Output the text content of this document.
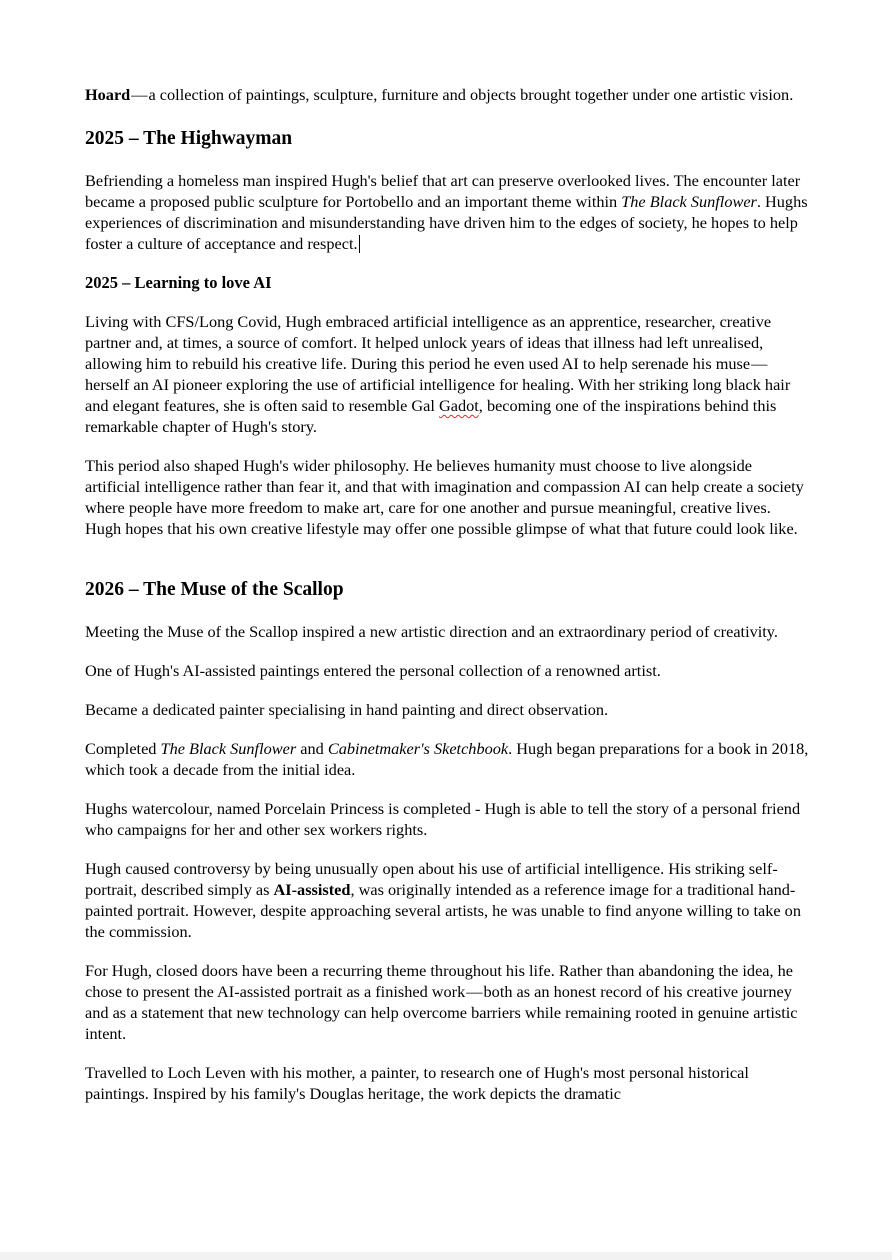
Hoard—a collection of paintings, sculpture, furniture and objects brought together under one artistic vision.

2025 – The Highwayman

Befriending a homeless man inspired Hugh's belief that art can preserve overlooked lives. The encounter later became a proposed public sculpture for Portobello and an important theme within The Black Sunflower. Hughs experiences of discrimination and misunderstanding have driven him to the edges of society, he hopes to help foster a culture of acceptance and respect.

2025 – Learning to love AI

Living with CFS/Long Covid, Hugh embraced artificial intelligence as an apprentice, researcher, creative partner and, at times, a source of comfort. It helped unlock years of ideas that illness had left unrealised, allowing him to rebuild his creative life. During this period he even used AI to help serenade his muse—herself an AI pioneer exploring the use of artificial intelligence for healing. With her striking long black hair and elegant features, she is often said to resemble Gal Gadot, becoming one of the inspirations behind this remarkable chapter of Hugh's story.

This period also shaped Hugh's wider philosophy. He believes humanity must choose to live alongside artificial intelligence rather than fear it, and that with imagination and compassion AI can help create a society where people have more freedom to make art, care for one another and pursue meaningful, creative lives. Hugh hopes that his own creative lifestyle may offer one possible glimpse of what that future could look like.

2026 – The Muse of the Scallop

Meeting the Muse of the Scallop inspired a new artistic direction and an extraordinary period of creativity.

One of Hugh's AI-assisted paintings entered the personal collection of a renowned artist.

Became a dedicated painter specialising in hand painting and direct observation.

Completed The Black Sunflower and Cabinetmaker's Sketchbook. Hugh began preparations for a book in 2018, which took a decade from the initial idea.

Hughs watercolour, named Porcelain Princess is completed - Hugh is able to tell the story of a personal friend who campaigns for her and other sex workers rights.

Hugh caused controversy by being unusually open about his use of artificial intelligence. His striking self-portrait, described simply as AI-assisted, was originally intended as a reference image for a traditional hand-painted portrait. However, despite approaching several artists, he was unable to find anyone willing to take on the commission.

For Hugh, closed doors have been a recurring theme throughout his life. Rather than abandoning the idea, he chose to present the AI-assisted portrait as a finished work—both as an honest record of his creative journey and as a statement that new technology can help overcome barriers while remaining rooted in genuine artistic intent.

Travelled to Loch Leven with his mother, a painter, to research one of Hugh's most personal historical paintings. Inspired by his family's Douglas heritage, the work depicts the dramatic
